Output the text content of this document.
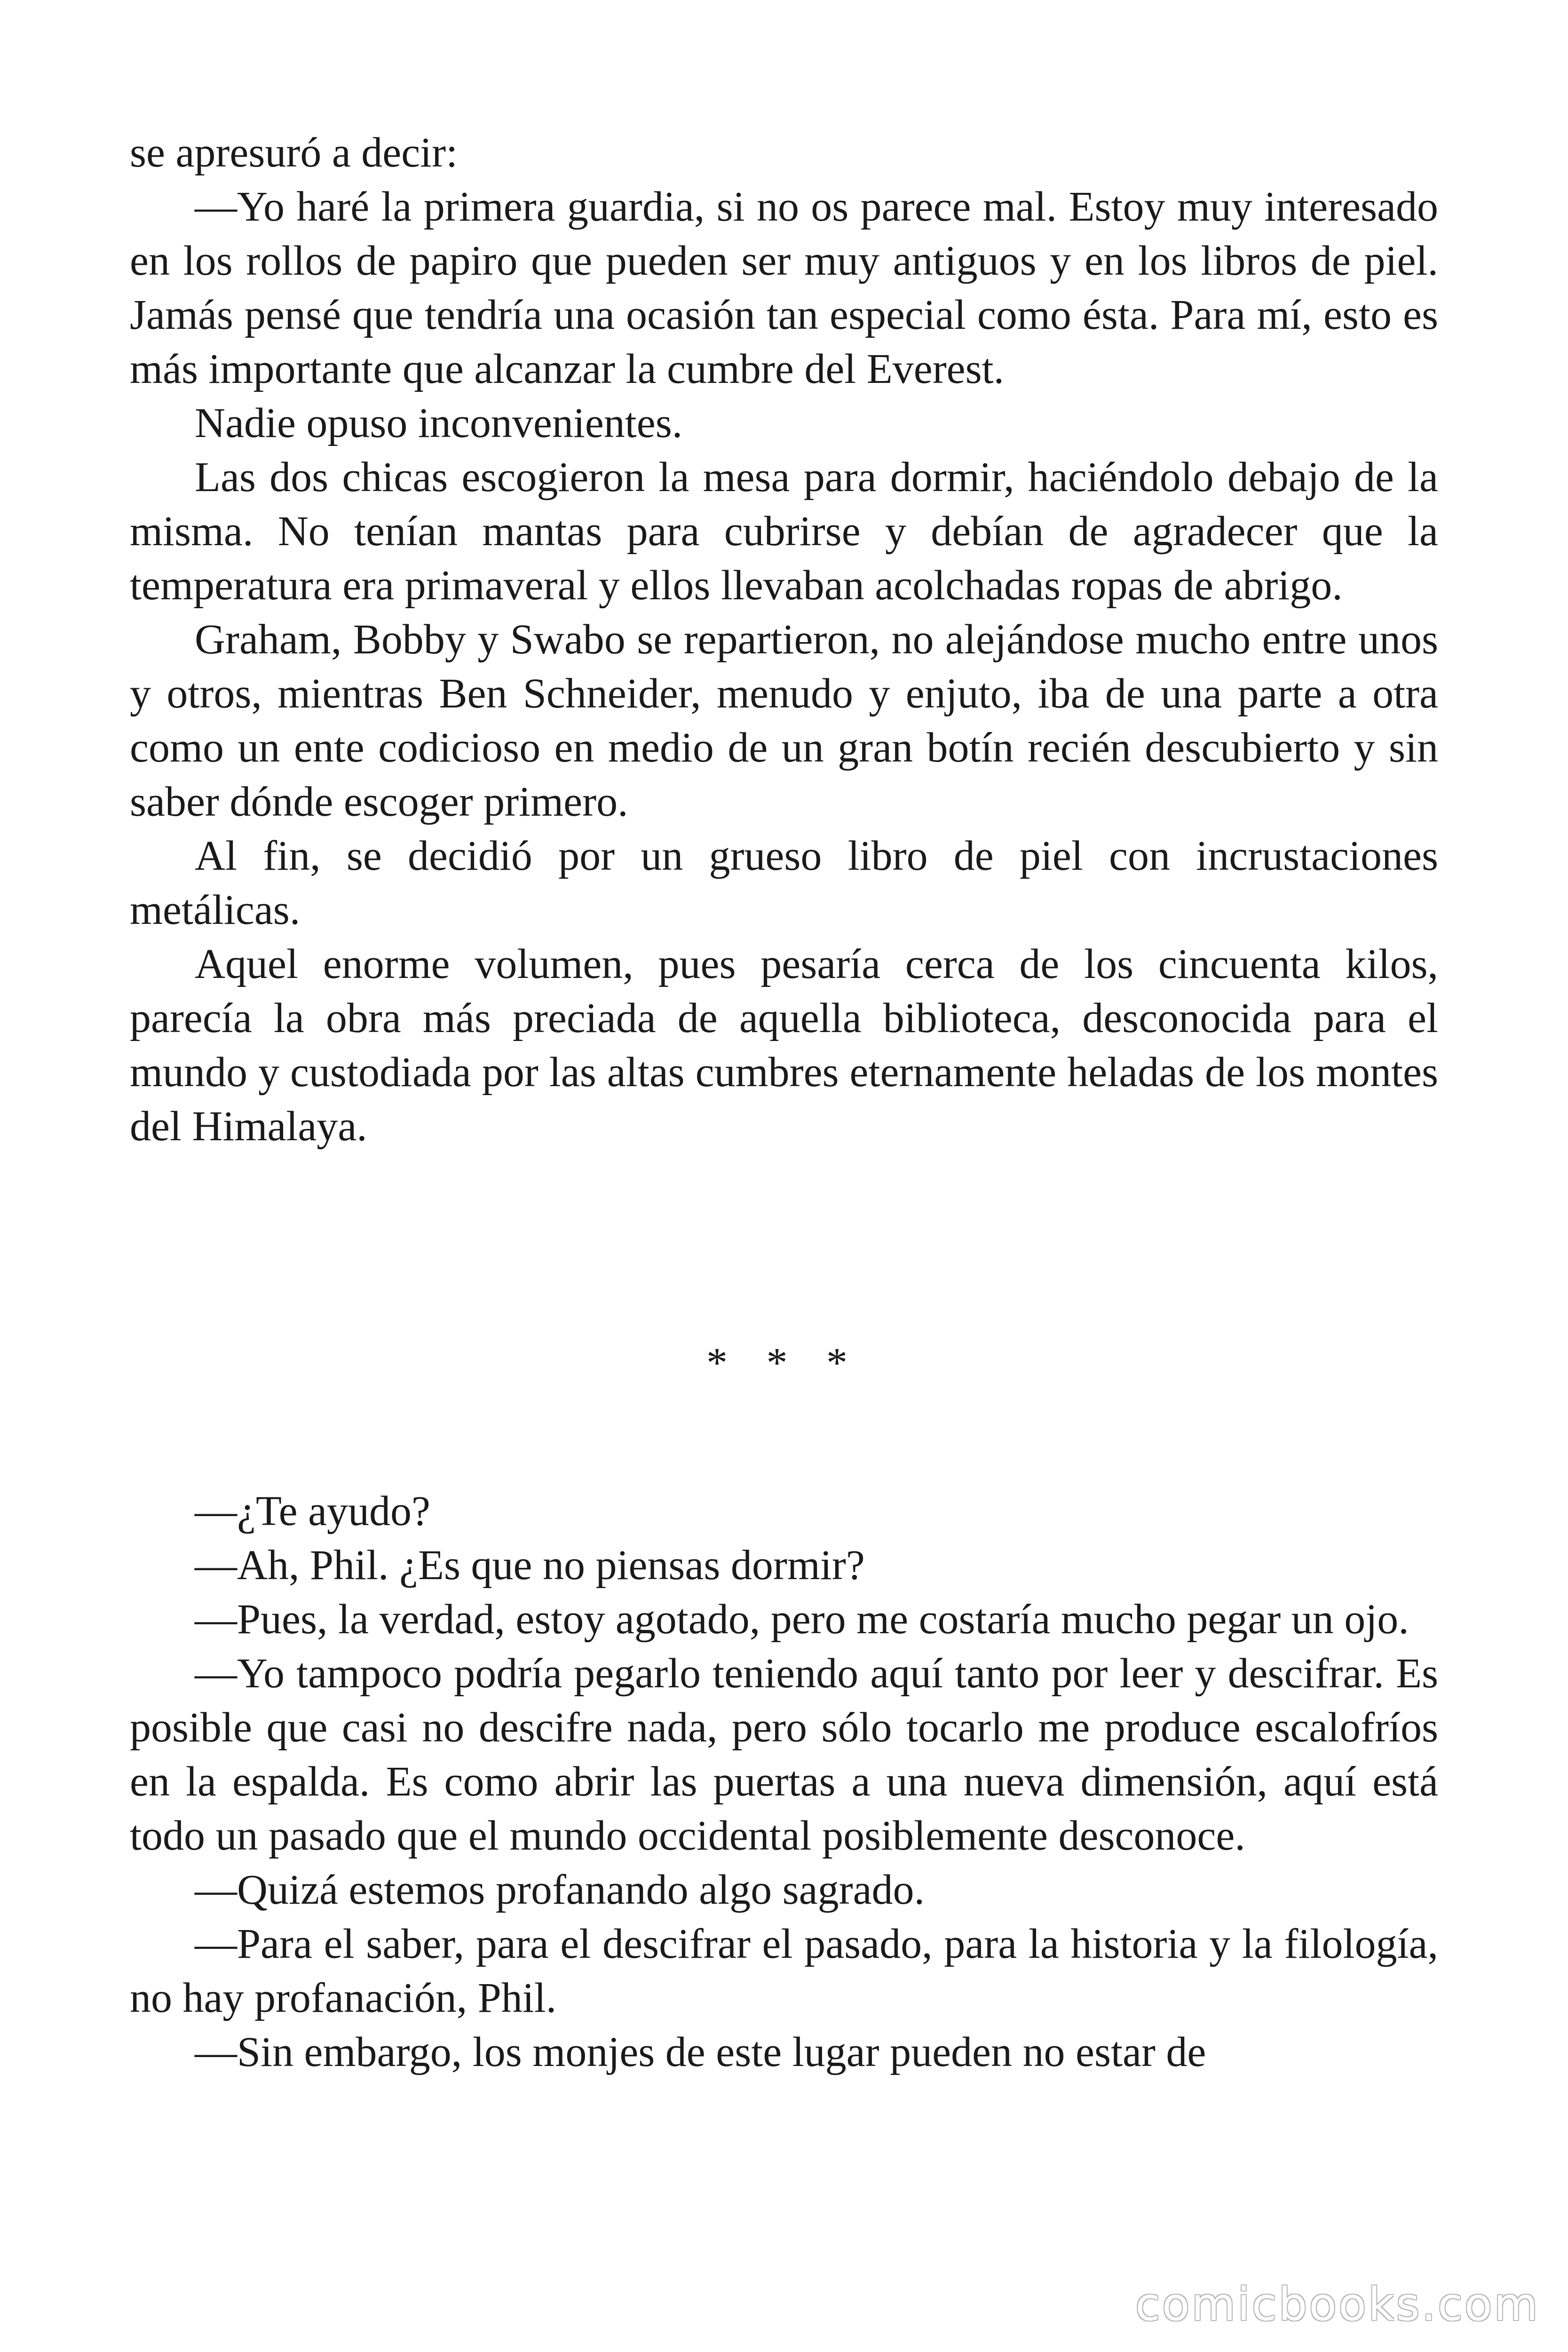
se apresuró a decir:

—Yo haré la primera guardia, si no os parece mal. Estoy muy interesado en los rollos de papiro que pueden ser muy antiguos y en los libros de piel. Jamás pensé que tendría una ocasión tan especial como ésta. Para mí, esto es más importante que alcanzar la cumbre del Everest.

Nadie opuso inconvenientes.

Las dos chicas escogieron la mesa para dormir, haciéndolo debajo de la misma. No tenían mantas para cubrirse y debían de agradecer que la temperatura era primaveral y ellos llevaban acolchadas ropas de abrigo.

Graham, Bobby y Swabo se repartieron, no alejándose mucho entre unos y otros, mientras Ben Schneider, menudo y enjuto, iba de una parte a otra como un ente codicioso en medio de un gran botín recién descubierto y sin saber dónde escoger primero.

Al fin, se decidió por un grueso libro de piel con incrustaciones metálicas.

Aquel enorme volumen, pues pesaría cerca de los cincuenta kilos, parecía la obra más preciada de aquella biblioteca, desconocida para el mundo y custodiada por las altas cumbres eternamente heladas de los montes del Himalaya.

* * *

—¿Te ayudo?

—Ah, Phil. ¿Es que no piensas dormir?

—Pues, la verdad, estoy agotado, pero me costaría mucho pegar un ojo.

—Yo tampoco podría pegarlo teniendo aquí tanto por leer y descifrar. Es posible que casi no descifre nada, pero sólo tocarlo me produce escalofríos en la espalda. Es como abrir las puertas a una nueva dimensión, aquí está todo un pasado que el mundo occidental posiblemente desconoce.

—Quizá estemos profanando algo sagrado.

—Para el saber, para el descifrar el pasado, para la historia y la filología, no hay profanación, Phil.

—Sin embargo, los monjes de este lugar pueden no estar de

comicbooks.com
